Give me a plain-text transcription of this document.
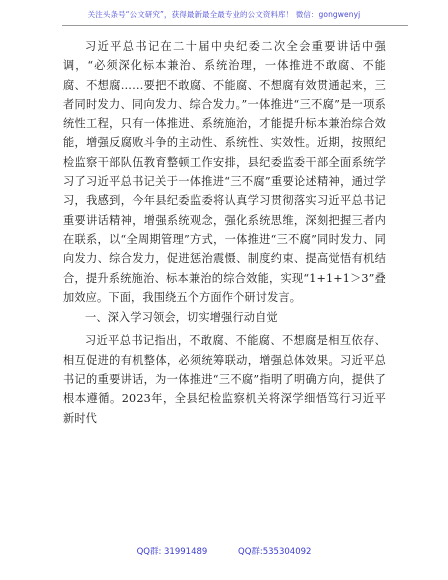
关注头条号“公文研究”，获得最新最全最专业的公文资料库！ 微信：gongwenyj

习近平总书记在二十届中央纪委二次全会重要讲话中强调，“必须深化标本兼治、系统治理，一体推进不敢腐、不能腐、不想腐……要把不敢腐、不能腐、不想腐有效贯通起来，三者同时发力、同向发力、综合发力。”一体推进“三不腐”是一项系统性工程，只有一体推进、系统施治，才能提升标本兼治综合效能，增强反腐败斗争的主动性、系统性、实效性。近期，按照纪检监察干部队伍教育整顿工作安排，县纪委监委干部全面系统学习了习近平总书记关于一体推进“三不腐”重要论述精神，通过学习，我感到，今年县纪委监委将认真学习贯彻落实习近平总书记重要讲话精神，增强系统观念，强化系统思维，深刻把握三者内在联系，以“全周期管理”方式，一体推进“三不腐”同时发力、同向发力、综合发力，促进惩治震慑、制度约束、提高觉悟有机结合，提升系统施治、标本兼治的综合效能，实现“1+1+1＞3”叠加效应。下面，我围绕五个方面作个研讨发言。

一、深入学习领会，切实增强行动自觉

习近平总书记指出，不敢腐、不能腐、不想腐是相互依存、相互促进的有机整体，必须统筹联动，增强总体效果。习近平总书记的重要讲话，为一体推进“三不腐”指明了明确方向，提供了根本遵循。2023年，全县纪检监察机关将深学细悟笃行习近平新时代

QQ群: 31991489	QQ群:535304092
